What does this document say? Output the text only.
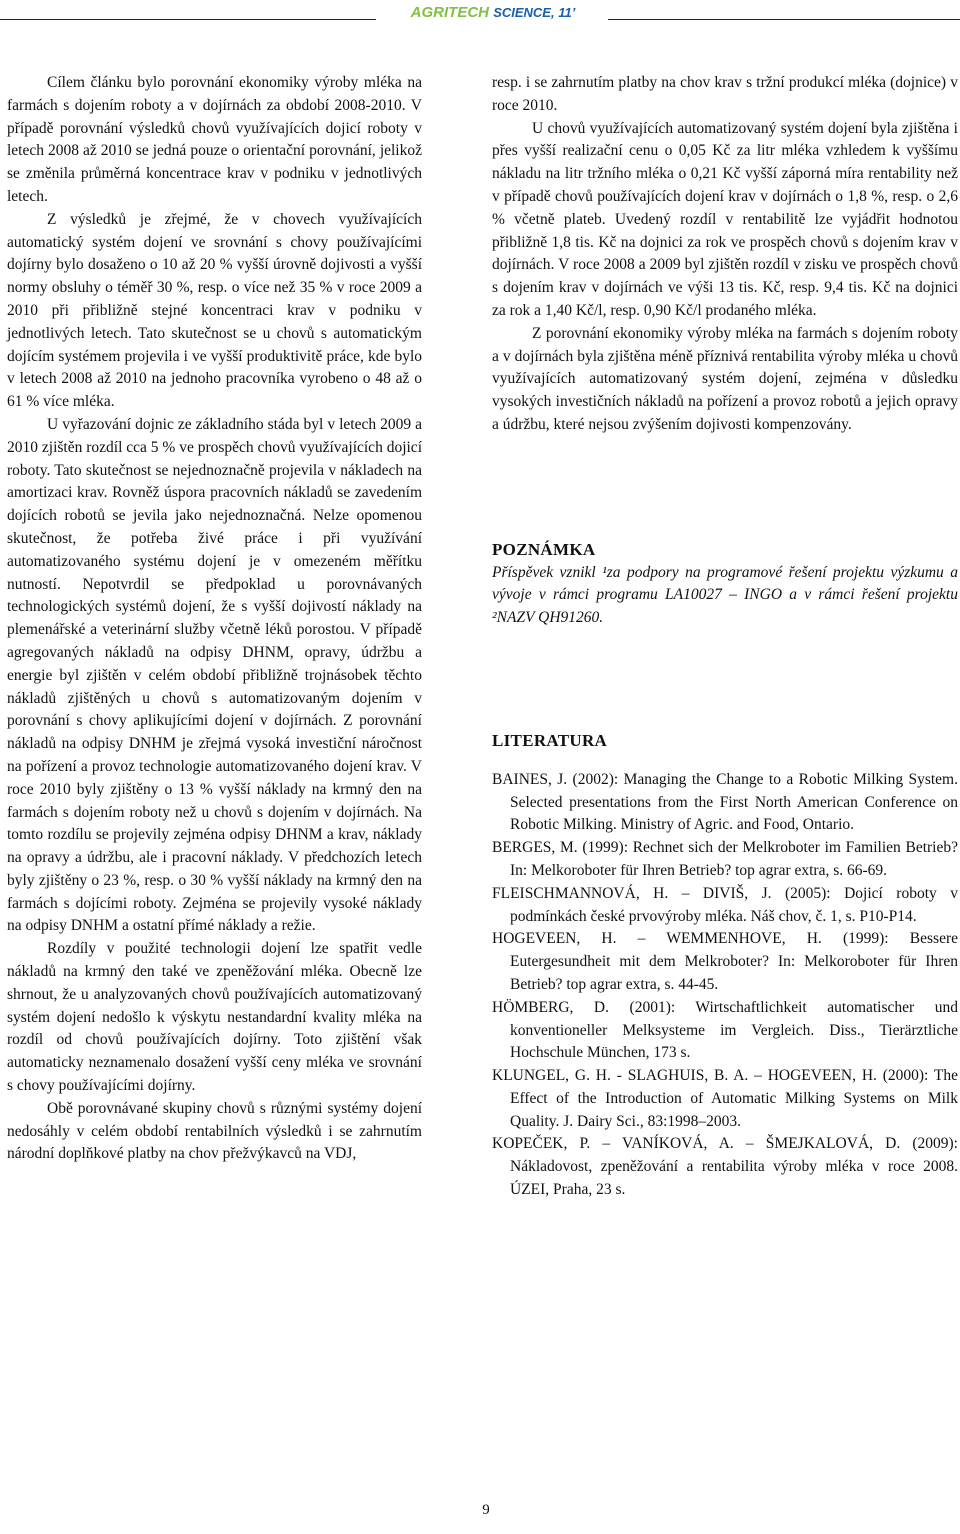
AGRITECH SCIENCE, 11’

Cílem článku bylo porovnání ekonomiky výroby mléka na farmách s dojením roboty a v dojírnách za období 2008-2010. V případě porovnání výsledků chovů využívajících dojicí roboty v letech 2008 až 2010 se jedná pouze o orientační porovnání, jelikož se změnila průměrná koncentrace krav v podniku v jednotlivých letech.

Z výsledků je zřejmé, že v chovech využívajících automatický systém dojení ve srovnání s chovy používajícími dojírny bylo dosaženo o 10 až 20 % vyšší úrovně dojivosti a vyšší normy obsluhy o téměř 30 %, resp. o více než 35 % v roce 2009 a 2010 při přibližně stejné koncentraci krav v podniku v jednotlivých letech. Tato skutečnost se u chovů s automatickým dojícím systémem projevila i ve vyšší produktivitě práce, kde bylo v letech 2008 až 2010 na jednoho pracovníka vyrobeno o 48 až o 61 % více mléka.

U vyřazování dojnic ze základního stáda byl v letech 2009 a 2010 zjištěn rozdíl cca 5 % ve prospěch chovů využívajících dojicí roboty. Tato skutečnost se nejednoznačně projevila v nákladech na amortizaci krav. Rovněž úspora pracovních nákladů se zavedením dojících robotů se jevila jako nejednoznačná. Nelze opomenou skutečnost, že potřeba živé práce i při využívání automatizovaného systému dojení je v omezeném měřítku nutností. Nepotvrdil se předpoklad u porovnávaných technologických systémů dojení, že s vyšší dojivostí náklady na plemenářské a veterinární služby včetně léků porostou. V případě agregovaných nákladů na odpisy DHNM, opravy, údržbu a energie byl zjištěn v celém období přibližně trojnásobek těchto nákladů zjištěných u chovů s automatizovaným dojením v porovnání s chovy aplikujícími dojení v dojírnách. Z porovnání nákladů na odpisy DNHM je zřejmá vysoká investiční náročnost na pořízení a provoz technologie automatizovaného dojení krav. V roce 2010 byly zjištěny o 13 % vyšší náklady na krmný den na farmách s dojením roboty než u chovů s dojením v dojírnách. Na tomto rozdílu se projevily zejména odpisy DHNM a krav, náklady na opravy a údržbu, ale i pracovní náklady. V předchozích letech byly zjištěny o 23 %, resp. o 30 % vyšší náklady na krmný den na farmách s dojícími roboty. Zejména se projevily vysoké náklady na odpisy DNHM a ostatní přímé náklady a režie.

Rozdíly v použité technologii dojení lze spatřit vedle nákladů na krmný den také ve zpeněžování mléka. Obecně lze shrnout, že u analyzovaných chovů používajících automatizovaný systém dojení nedošlo k výskytu nestandardní kvality mléka na rozdíl od chovů používajících dojírny. Toto zjištění však automaticky neznamenalo dosažení vyšší ceny mléka ve srovnání s chovy používajícími dojírny.

Obě porovnávané skupiny chovů s různými systémy dojení nedosáhly v celém období rentabilních výsledků i se zahrnutím národní doplňkové platby na chov přežvýkavců na VDJ,

resp. i se zahrnutím platby na chov krav s tržní produkcí mléka (dojnice) v roce 2010.

U chovů využívajících automatizovaný systém dojení byla zjištěna i přes vyšší realizační cenu o 0,05 Kč za litr mléka vzhledem k vyššímu nákladu na litr tržního mléka o 0,21 Kč vyšší záporná míra rentability než v případě chovů používajících dojení krav v dojírnách o 1,8 %, resp. o 2,6 % včetně plateb. Uvedený rozdíl v rentabilitě lze vyjádřit hodnotou přibližně 1,8 tis. Kč na dojnici za rok ve prospěch chovů s dojením krav v dojírnách. V roce 2008 a 2009 byl zjištěn rozdíl v zisku ve prospěch chovů s dojením krav v dojírnách ve výši 13 tis. Kč, resp. 9,4 tis. Kč na dojnici za rok a 1,40 Kč/l, resp. 0,90 Kč/l prodaného mléka.

Z porovnání ekonomiky výroby mléka na farmách s dojením roboty a v dojírnách byla zjištěna méně příznivá rentabilita výroby mléka u chovů využívajících automatizovaný systém dojení, zejména v důsledku vysokých investičních nákladů na pořízení a provoz robotů a jejich opravy a údržbu, které nejsou zvýšením dojivosti kompenzovány.

POZNÁMKA

Příspěvek vznikl ¹za podpory na programové řešení projektu výzkumu a vývoje v rámci programu LA10027 – INGO a v rámci řešení projektu ²NAZV QH91260.

LITERATURA
BAINES, J. (2002): Managing the Change to a Robotic Milking System. Selected presentations from the First North American Conference on Robotic Milking. Ministry of Agric. and Food, Ontario.
BERGES, M. (1999): Rechnet sich der Melkroboter im Familien Betrieb? In: Melkoroboter für Ihren Betrieb? top agrar extra, s. 66-69.
FLEISCHMANNOVÁ, H. – DIVIŠ, J. (2005): Dojicí roboty v podmínkách české prvovýroby mléka. Náš chov, č. 1, s. P10-P14.
HOGEVEEN, H. – WEMMENHOVE, H. (1999): Bessere Eutergesundheit mit dem Melkroboter? In: Melkoroboter für Ihren Betrieb? top agrar extra, s. 44-45.
HÖMBERG, D. (2001): Wirtschaftlichkeit automatischer und konventioneller Melksysteme im Vergleich. Diss., Tierärztliche Hochschule München, 173 s.
KLUNGEL, G. H. - SLAGHUIS, B. A. – HOGEVEEN, H. (2000): The Effect of the Introduction of Automatic Milking Systems on Milk Quality. J. Dairy Sci., 83:1998–2003.
KOPEČEK, P. – VANÍKOVÁ, A. – ŠMEJKALOVÁ, D. (2009): Nákladovost, zpeněžování a rentabilita výroby mléka v roce 2008. ÚZEI, Praha, 23 s.
9
